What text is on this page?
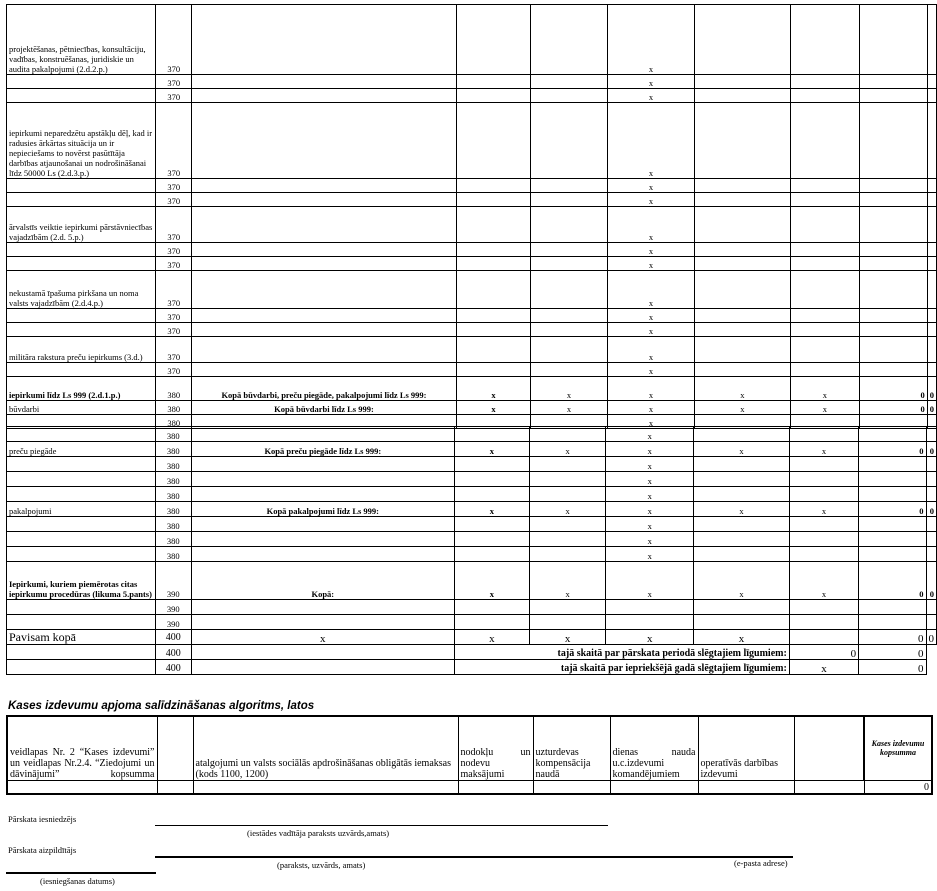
projektēšanas, pētniecības, konsultāciju, vadības, konstruēšanas, juridiskie un audita pakalpojumi (2.d.2.p.)	370				x				
	370				x				
	370				x				
iepirkumi neparedzētu apstākļu dēļ, kad ir radusies ārkārtas situācija un ir nepieciešams to novērst pasūtītāja darbības atjaunošanai un nodrošināšanai līdz 50000 Ls (2.d.3.p.)	370				x				
	370				x				
	370				x				
ārvalstīs veiktie iepirkumi pārstāvniecības vajadzībām (2.d. 5.p.)	370				x				
	370				x				
	370				x				
nekustamā īpašuma pirkšana un noma valsts vajadzībām (2.d.4.p.)	370				x				
	370				x				
	370				x				
militāra rakstura preču iepirkums (3.d.)	370				x				
	370				x				
iepirkumi līdz Ls 999 (2.d.1.p.)	380	Kopā būvdarbi, preču piegāde, pakalpojumi līdz Ls 999:	x	x	x	x	x	0	0
būvdarbi	380	Kopā būvdarbi līdz Ls 999:	x	x	x	x	x	0	0
	380				x				
	380				x				
preču piegāde	380	Kopā preču piegāde līdz Ls 999:	x	x	x	x	x	0	0
	380				x				
	380				x				
	380				x				
pakalpojumi	380	Kopā pakalpojumi līdz Ls 999:	x	x	x	x	x	0	0
	380				x				
	380				x				
	380				x				
Iepirkumi, kuriem piemērotas citas iepirkumu procedūras (likuma 5.pants)	390	Kopā:	x	x	x	x	x	0	0
	390								
	390								
Pavisam kopā	400	x	x	x	x	x		0	0
	400		tajā skaitā par pārskata periodā slēgtajiem līgumiem:				0	0	
	400		tajā skaitā par iepriekšējā gadā slēgtajiem līgumiem:				x	0	
Kases izdevumu apjoma salīdzināšanas algoritms, latos
veidlapas Nr. 2 “Kases izdevumi” un veidlapas Nr.2.4. “Ziedojumi un dāvinājumi” kopsumma		atalgojumi un valsts sociālās apdrošināšanas obligātās iemaksas (kods 1100, 1200)	nodokļu un nodevu maksājumi	uzturdevas kompensācija naudā	dienas nauda u.c.izdevumi komandējumiem	operatīvās darbības izdevumi		Kases izdevumu kopsumma
								0
Pārskata iesniedzējs
(iestādes vadītāja paraksts uzvārds,amats)
Pārskata aizpildītājs
(paraksts, uzvārds, amats)	(e-pasta adrese)
(iesniegšanas datums)
